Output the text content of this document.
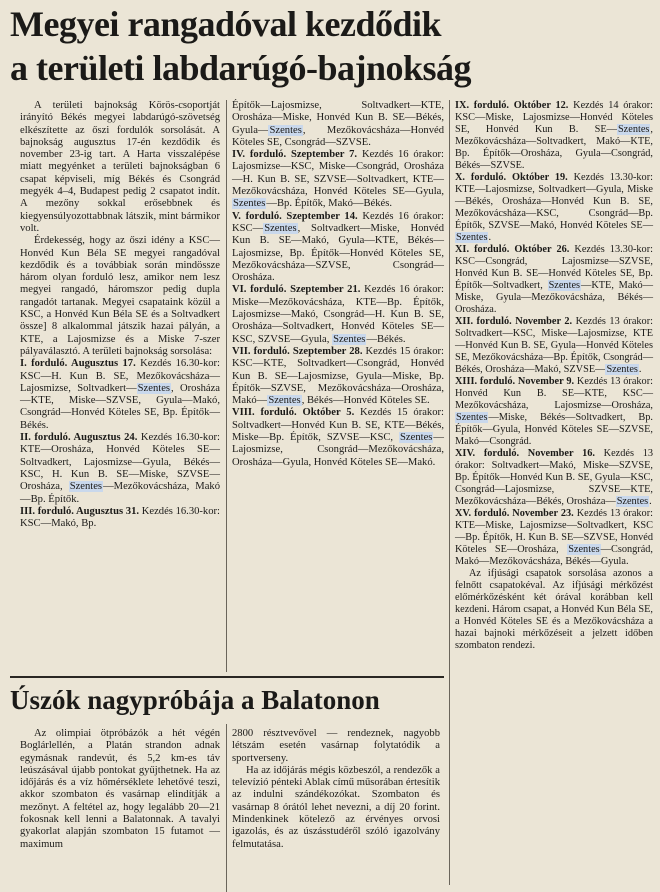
Megyei rangadóval kezdődik
a területi labdarúgó-bajnokság

A területi bajnokság Körös-csoportját irányító Békés megyei labdarúgó-szövetség elkészítette az őszi fordulók sorsolását. A bajnokság augusztus 17-én kezdődik és november 23-ig tart. A Harta visszalépése miatt megyénket a területi bajnokságban 6 csapat képviseli, míg Békés és Csongrád megyék 4–4, Budapest pedig 2 csapatot indít. A mezőny sokkal erősebbnek és kiegyensúlyozottabbnak látszik, mint bármikor volt.

Érdekesség, hogy az őszi idény a KSC—Honvéd Kun Béla SE megyei rangadóval kezdődik és a továbbiak során mindössze három olyan forduló lesz, amikor nem lesz megyei rangadó, háromszor pedig dupla rangadót tartanak. Megyei csapataink közül a KSC, a Honvéd Kun Béla SE és a Soltvadkert össze] 8 alkalommal játszik hazai pályán, a KTE, a Lajosmizse és a Miske 7-szer pályaválasztó. A területi bajnokság sorsolása:

I. forduló. Augusztus 17. Kezdés 16.30-kor: KSC—H. Kun B. SE, Mezőkovácsháza—Lajosmizse, Soltvadkert—Szentes, Orosháza—KTE, Miske—SZVSE, Gyula—Makó, Csongrád—Honvéd Köteles SE, Bp. Építők—Békés.

II. forduló. Augusztus 24. Kezdés 16.30-kor: KTE—Orosháza, Honvéd Köteles SE—Soltvadkert, Lajosmizse—Gyula, Békés—KSC, H. Kun B. SE—Miske, SZVSE—Orosháza, Szentes—Mezőkovácsháza, Makó—Bp. Építők.

III. forduló. Augusztus 31. Kezdés 16.30-kor: KSC—Makó, Bp.

Építők—Lajosmizse, Soltvadkert—KTE, Orosháza—Miske, Honvéd Kun B. SE—Békés, Gyula—Szentes, Mezőkovácsháza—Honvéd Köteles SE, Csongrád—SZVSE.

IV. forduló. Szeptember 7. Kezdés 16 órakor: Lajosmizse—KSC, Miske—Csongrád, Orosháza—H. Kun B. SE, SZVSE—Soltvadkert, KTE—Mezőkovácsháza, Honvéd Köteles SE—Gyula, Szentes—Bp. Építők, Makó—Békés.

V. forduló. Szeptember 14. Kezdés 16 órakor: KSC—Szentes, Soltvadkert—Miske, Honvéd Kun B. SE—Makó, Gyula—KTE, Békés—Lajosmizse, Bp. Építők—Honvéd Köteles SE, Mezőkovácsháza—SZVSE, Csongrád—Orosháza.

VI. forduló. Szeptember 21. Kezdés 16 órakor: Miske—Mezőkovácsháza, KTE—Bp. Építők, Lajosmizse—Makó, Csongrád—H. Kun B. SE, Orosháza—Soltvadkert, Honvéd Köteles SE—KSC, SZVSE—Gyula, Szentes—Békés.

VII. forduló. Szeptember 28. Kezdés 15 órakor: KSC—KTE, Soltvadkert—Csongrád, Honvéd Kun B. SE—Lajosmizse, Gyula—Miske, Bp. Építők—SZVSE, Mezőkovácsháza—Orosháza, Makó—Szentes, Békés—Honvéd Köteles SE.

VIII. forduló. Október 5. Kezdés 15 órakor: Soltvadkert—Honvéd Kun B. SE, KTE—Békés, Miske—Bp. Építők, SZVSE—KSC, Szentes—Lajosmizse, Csongrád—Mezőkovácsháza, Orosháza—Gyula, Honvéd Köteles SE—Makó.

IX. forduló. Október 12. Kezdés 14 órakor: KSC—Miske, Lajosmizse—Honvéd Köteles SE, Honvéd Kun B. SE—Szentes, Mezőkovácsháza—Soltvadkert, Makó—KTE, Bp. Építők—Orosháza, Gyula—Csongrád, Békés—SZVSE.

X. forduló. Október 19. Kezdés 13.30-kor: KTE—Lajosmizse, Soltvadkert—Gyula, Miske—Békés, Orosháza—Honvéd Kun B. SE, Mezőkovácsháza—KSC, Csongrád—Bp. Építők, SZVSE—Makó, Honvéd Köteles SE—Szentes.

XI. forduló. Október 26. Kezdés 13.30-kor: KSC—Csongrád, Lajosmizse—SZVSE, Honvéd Kun B. SE—Honvéd Köteles SE, Bp. Építők—Soltvadkert, Szentes—KTE, Makó—Miske, Gyula—Mezőkovácsháza, Békés—Orosháza.

XII. forduló. November 2. Kezdés 13 órakor: Soltvadkert—KSC, Miske—Lajosmizse, KTE—Honvéd Kun B. SE, Gyula—Honvéd Köteles SE, Mezőkovácsháza—Bp. Építők, Csongrád—Békés, Orosháza—Makó, SZVSE—Szentes.

XIII. forduló. November 9. Kezdés 13 órakor: Honvéd Kun B. SE—KTE, KSC—Mezőkovácsháza, Lajosmizse—Orosháza, Szentes—Miske, Békés—Soltvadkert, Bp. Építők—Gyula, Honvéd Köteles SE—SZVSE, Makó—Csongrád.

XIV. forduló. November 16. Kezdés 13 órakor: Soltvadkert—Makó, Miske—SZVSE, Bp. Építők—Honvéd Kun B. SE, Gyula—KSC, Csongrád—Lajosmizse, SZVSE—KTE, Mezőkovácsháza—Békés, Orosháza—Szentes.

XV. forduló. November 23. Kezdés 13 órakor: KTE—Miske, Lajosmizse—Soltvadkert, KSC—Bp. Építők, H. Kun B. SE—SZVSE, Honvéd Köteles SE—Orosháza, Szentes—Csongrád, Makó—Mezőkovácsháza, Békés—Gyula.

Az ifjúsági csapatok sorsolása azonos a felnőtt csapatokéval. Az ifjúsági mérkőzést előmérkőzésként két órával korábban kell kezdeni. Három csapat, a Honvéd Kun Béla SE, a Honvéd Köteles SE és a Mezőkovácsháza a hazai bajnoki mérkőzéseit a jelzett időben szombaton rendezi.

Úszók nagypróbája a Balatonon

Az olimpiai ötpróbázók a hét végén Boglárlellén, a Platán strandon adnak egymásnak randevút, és 5,2 km-es táv leúszásával újabb pontokat gyűjthetnek. Ha az időjárás és a víz hőmérséklete lehetővé teszi, akkor szombaton és vasárnap elindítják a mezőnyt. A feltétel az, hogy legalább 20—21 fokosnak kell lenni a Balatonnak. A tavalyi gyakorlat alapján szombaton 15 futamot — maximum

2800 résztvevővel — rendeznek, nagyobb létszám esetén vasárnap folytatódik a sportverseny.

Ha az időjárás mégis közbeszól, a rendezők a televízió pénteki Ablak című műsorában értesítik az indulni szándékozókat. Szombaton és vasárnap 8 órától lehet nevezni, a díj 20 forint. Mindenkinek kötelező az érvényes orvosi igazolás, és az úszásstudéről szóló igazolvány felmutatása.
